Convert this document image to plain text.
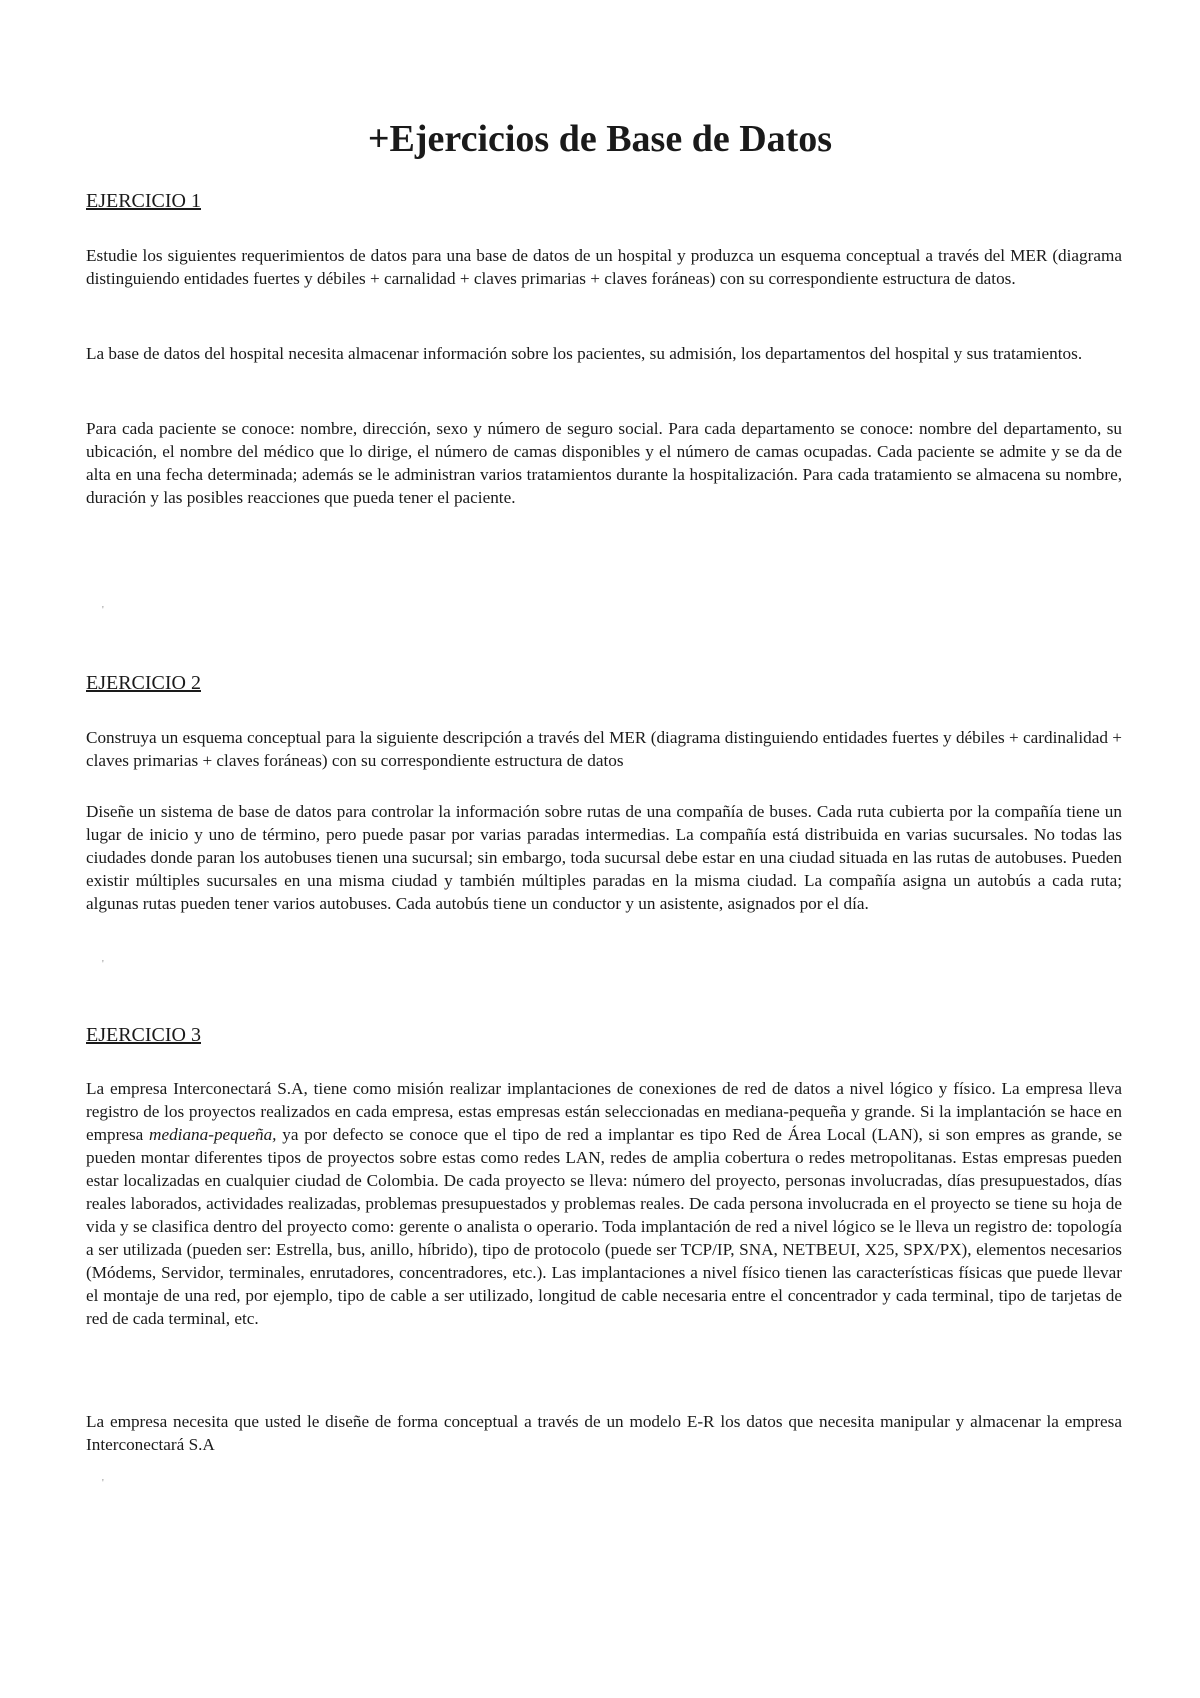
+Ejercicios de Base de Datos
EJERCICIO 1

Estudie los siguientes requerimientos de datos para una base de datos de un hospital y produzca un esquema conceptual a través del MER (diagrama distinguiendo entidades fuertes y débiles + carnalidad + claves primarias + claves foráneas) con su correspondiente estructura de datos.

La base de datos del hospital necesita almacenar información sobre los pacientes, su admisión, los departamentos del hospital y sus tratamientos.

Para cada paciente se conoce: nombre, dirección, sexo y número de seguro social. Para cada departamento se conoce: nombre del departamento, su ubicación, el nombre del médico que lo dirige, el número de camas disponibles y el número de camas ocupadas. Cada paciente se admite y se da de alta en una fecha determinada; además se le administran varios tratamientos durante la hospitalización. Para cada tratamiento se almacena su nombre, duración y las posibles reacciones que pueda tener el paciente.

'
EJERCICIO 2

Construya un esquema conceptual para la siguiente descripción a través del MER (diagrama distinguiendo entidades fuertes y débiles + cardinalidad + claves primarias + claves foráneas) con su correspondiente estructura de datos

Diseñe un sistema de base de datos para controlar la información sobre rutas de una compañía de buses. Cada ruta cubierta por la compañía tiene un lugar de inicio y uno de término, pero puede pasar por varias paradas intermedias. La compañía está distribuida en varias sucursales. No todas las ciudades donde paran los autobuses tienen una sucursal; sin embargo, toda sucursal debe estar en una ciudad situada en las rutas de autobuses. Pueden existir múltiples sucursales en una misma ciudad y también múltiples paradas en la misma ciudad. La compañía asigna un autobús a cada ruta; algunas rutas pueden tener varios autobuses. Cada autobús tiene un conductor y un asistente, asignados por el día.

'
EJERCICIO 3

La empresa Interconectará S.A, tiene como misión realizar implantaciones de conexiones de red de datos a nivel lógico y físico. La empresa lleva registro de los proyectos realizados en cada empresa, estas empresas están seleccionadas en mediana-pequeña y grande. Si la implantación se hace en empresa mediana-pequeña, ya por defecto se conoce que el tipo de red a implantar es tipo Red de Área Local (LAN), si son empres as grande, se pueden montar diferentes tipos de proyectos sobre estas como redes LAN, redes de amplia cobertura o redes metropolitanas. Estas empresas pueden estar localizadas en cualquier ciudad de Colombia. De cada proyecto se lleva: número del proyecto, personas involucradas, días presupuestados, días reales laborados, actividades realizadas, problemas presupuestados y problemas reales. De cada persona involucrada en el proyecto se tiene su hoja de vida y se clasifica dentro del proyecto como: gerente o analista o operario. Toda implantación de red a nivel lógico se le lleva un registro de: topología a ser utilizada (pueden ser: Estrella, bus, anillo, híbrido), tipo de protocolo (puede ser TCP/IP, SNA, NETBEUI, X25, SPX/PX), elementos necesarios (Módems, Servidor, terminales, enrutadores, concentradores, etc.). Las implantaciones a nivel físico tienen las características físicas que puede llevar el montaje de una red, por ejemplo, tipo de cable a ser utilizado, longitud de cable necesaria entre el concentrador y cada terminal, tipo de tarjetas de red de cada terminal, etc.

La empresa necesita que usted le diseñe de forma conceptual a través de un modelo E-R los datos que necesita manipular y almacenar la empresa Interconectará S.A

'
